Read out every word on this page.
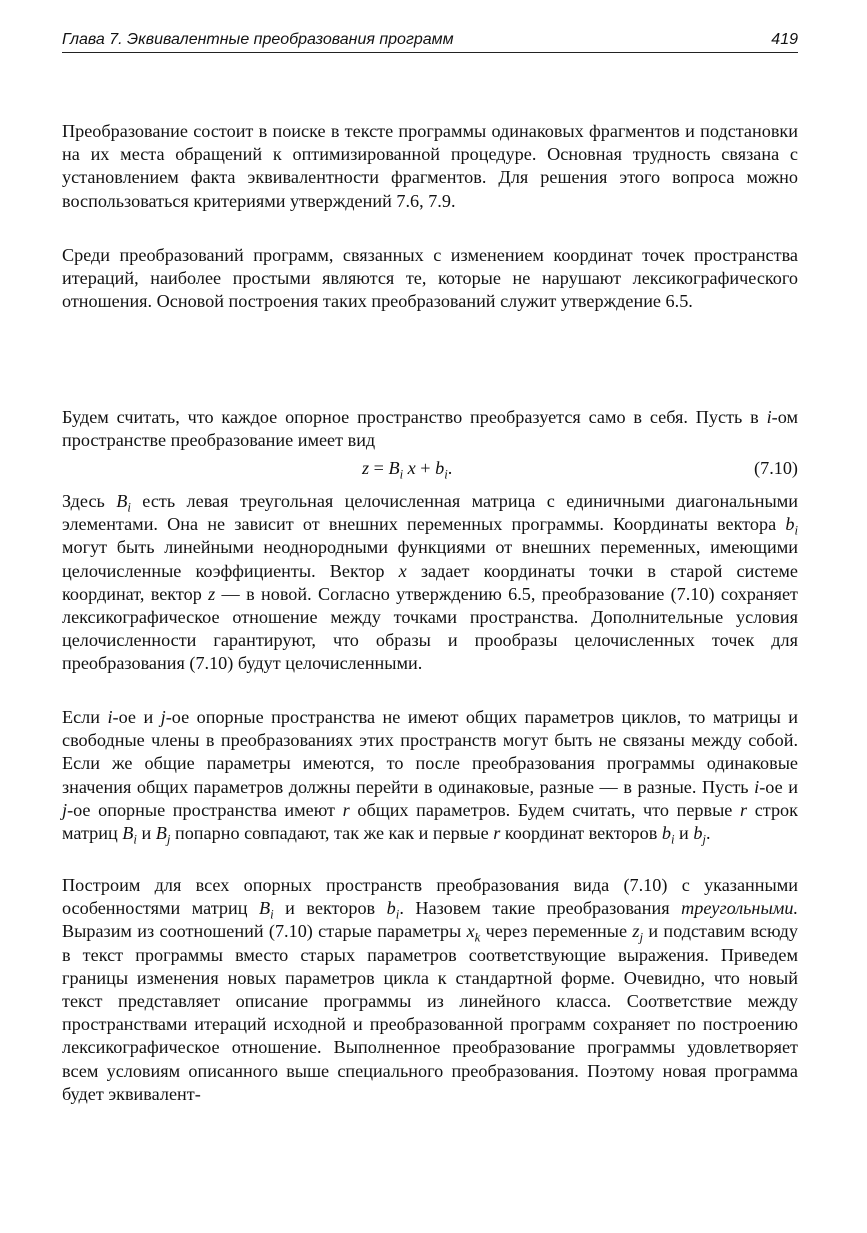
Глава 7. Эквивалентные преобразования программ	419

Преобразование состоит в поиске в тексте программы одинаковых фрагментов и подстановки на их места обращений к оптимизированной процедуре. Основная трудность связана с установлением факта эквивалентности фрагментов. Для решения этого вопроса можно воспользоваться критериями утверждений 7.6, 7.9.

Среди преобразований программ, связанных с изменением координат точек пространства итераций, наиболее простыми являются те, которые не нарушают лексикографического отношения. Основой построения таких преобразований служит утверждение 6.5.

Будем считать, что каждое опорное пространство преобразуется само в себя. Пусть в i-ом пространстве преобразование имеет вид

$z = B_i$ $x + b_i$.	(7.10)

Здесь $B_i$ есть левая треугольная целочисленная матрица с единичными диагональными элементами. Она не зависит от внешних переменных программы. Координаты вектора $b_i$ могут быть линейными неоднородными функциями от внешних переменных, имеющими целочисленные коэффициенты. Вектор x задает координаты точки в старой системе координат, вектор z — в новой. Согласно утверждению 6.5, преобразование (7.10) сохраняет лексикографическое отношение между точками пространства. Дополнительные условия целочисленности гарантируют, что образы и прообразы целочисленных точек для преобразования (7.10) будут целочисленными.

Если i-ое и j-ое опорные пространства не имеют общих параметров циклов, то матрицы и свободные члены в преобразованиях этих пространств могут быть не связаны между собой. Если же общие параметры имеются, то после преобразования программы одинаковые значения общих параметров должны перейти в одинаковые, разные — в разные. Пусть i-ое и j-ое опорные пространства имеют r общих параметров. Будем считать, что первые r строк матриц $B_i$ и $B_j$ попарно совпадают, так же как и первые r координат векторов $b_i$ и $b_j$.

Построим для всех опорных пространств преобразования вида (7.10) с указанными особенностями матриц $B_i$ и векторов $b_i$. Назовем такие преобразования треугольными. Выразим из соотношений (7.10) старые параметры $x_k$ через переменные $z_j$ и подставим всюду в текст программы вместо старых параметров соответствующие выражения. Приведем границы изменения новых параметров цикла к стандартной форме. Очевидно, что новый текст представляет описание программы из линейного класса. Соответствие между пространствами итераций исходной и преобразованной программ сохраняет по построению лексикографическое отношение. Выполненное преобразование программы удовлетворяет всем условиям описанного выше специального преобразования. Поэтому новая программа будет эквивалент-
